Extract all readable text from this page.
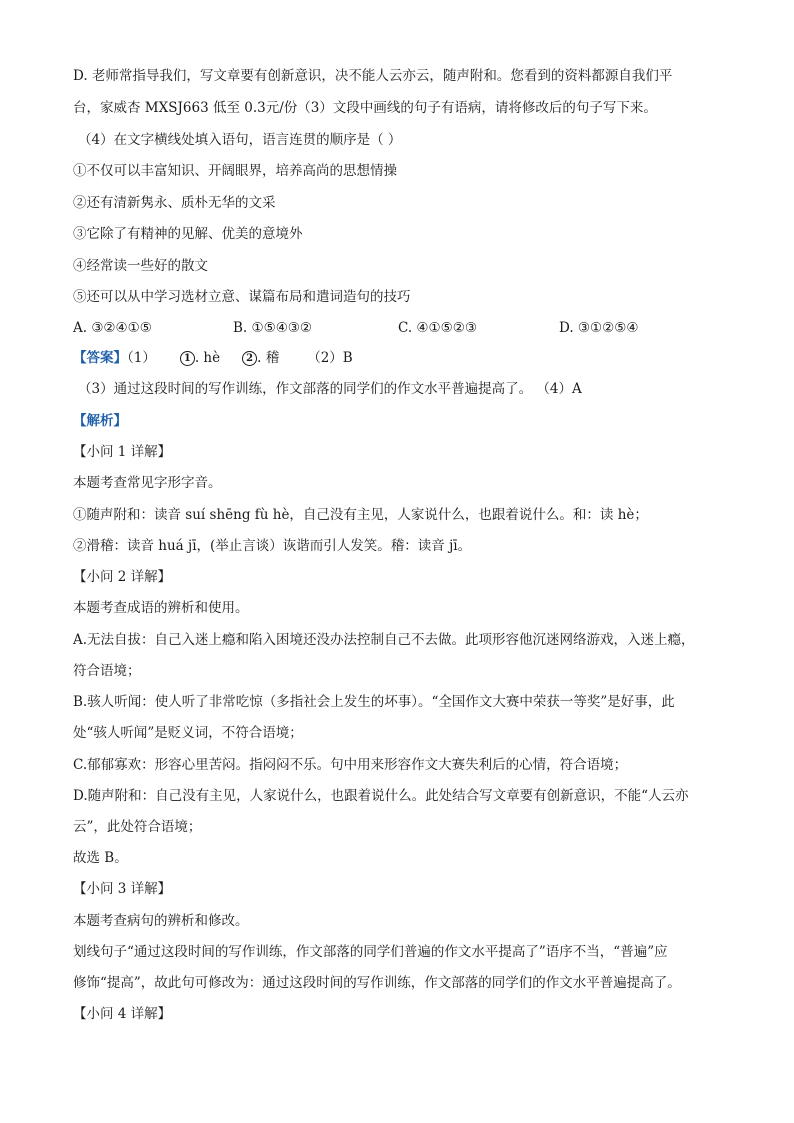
D. 老师常指导我们，写文章要有创新意识，决不能人云亦云，随声附和。您看到的资料都源自我们平
台，家威杏 MXSJ663 低至 0.3元/份（3）文段中画线的句子有语病，请将修改后的句子写下来。
（4）在文字横线处填入语句，语言连贯的顺序是（ ）
①不仅可以丰富知识、开阔眼界，培养高尚的思想情操
②还有清新隽永、质朴无华的文采
③它除了有精神的见解、优美的意境外
④经常读一些好的散文
⑤还可以从中学习选材立意、谋篇布局和遣词造句的技巧
A. ③②④①⑤	B. ①⑤④③②	C. ④①⑤②③	D. ③①②⑤④
【答案】（1）	1 . hè	2 . 稽 （2）B
（3）通过这段时间的写作训练，作文部落的同学们的作文水平普遍提高了。 （4）A
【解析】
【小问 1 详解】
本题考查常见字形字音。
①随声附和：读音 suí shēng fù hè，自己没有主见，人家说什么，也跟着说什么。和：读 hè；
②滑稽：读音 huá jī，(举止言谈）诙谐而引人发笑。稽：读音 jī。
【小问 2 详解】
本题考查成语的辨析和使用。
A.无法自拔：自己入迷上瘾和陷入困境还没办法控制自己不去做。此项形容他沉迷网络游戏，入迷上瘾，
符合语境；
B.骇人听闻：使人听了非常吃惊（多指社会上发生的坏事）。“全国作文大赛中荣获一等奖”是好事，此
处“骇人听闻”是贬义词，不符合语境；
C.郁郁寡欢：形容心里苦闷。指闷闷不乐。句中用来形容作文大赛失利后的心情，符合语境；
D.随声附和：自己没有主见，人家说什么，也跟着说什么。此处结合写文章要有创新意识，不能“人云亦
云”，此处符合语境；
故选 B。
【小问 3 详解】
本题考查病句的辨析和修改。
划线句子“通过这段时间的写作训练，作文部落的同学们普遍的作文水平提高了”语序不当，“普遍”应
修饰“提高”，故此句可修改为：通过这段时间的写作训练，作文部落的同学们的作文水平普遍提高了。
【小问 4 详解】
